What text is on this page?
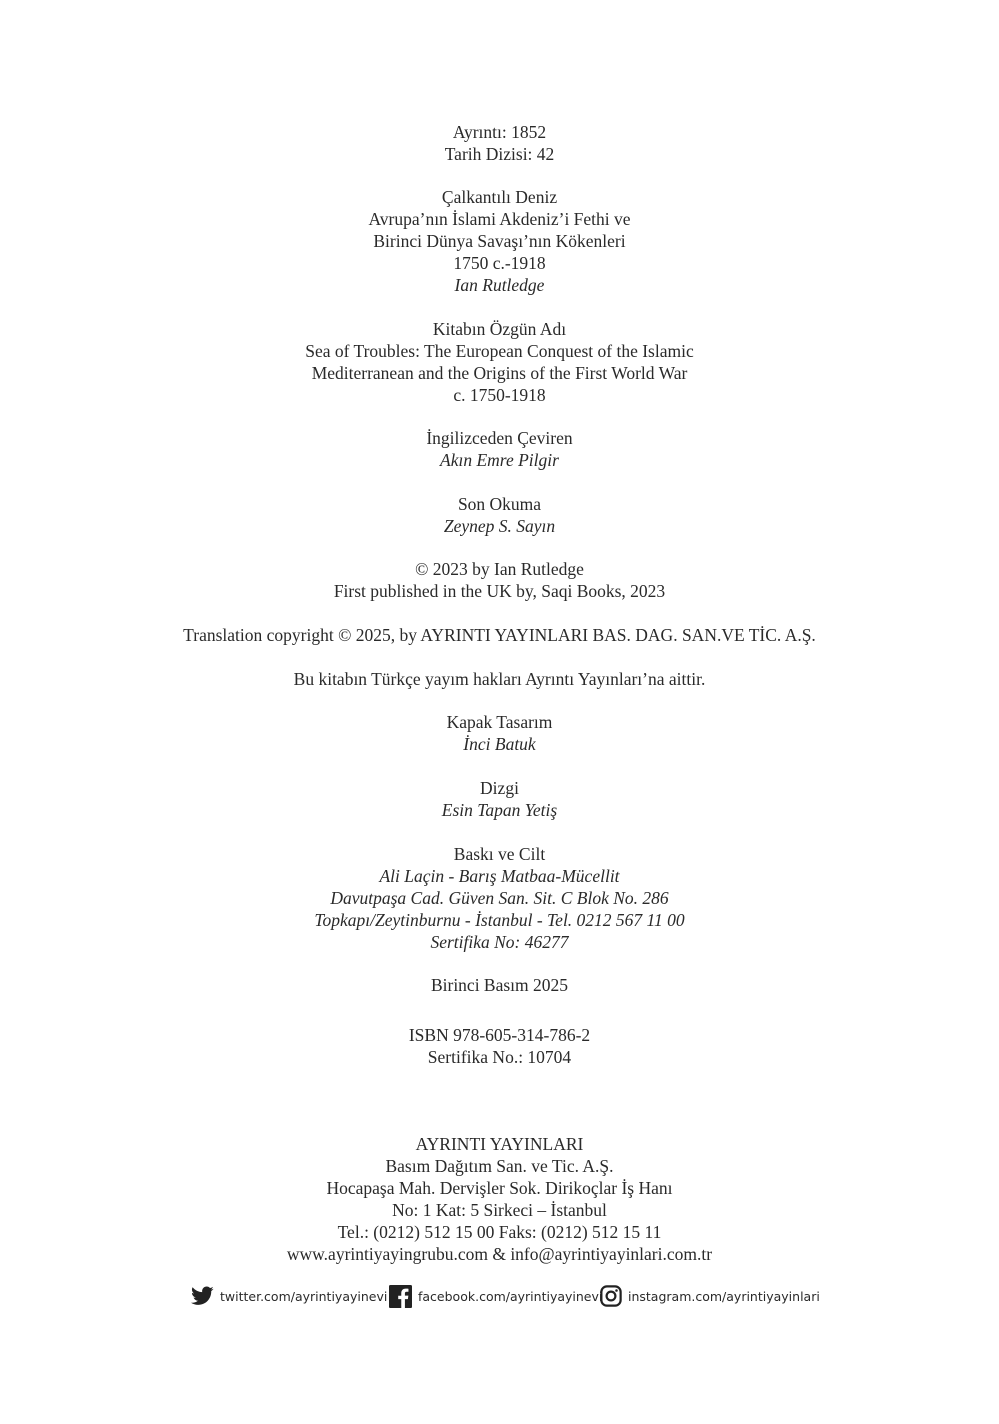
Ayrıntı: 1852
Tarih Dizisi: 42
Çalkantılı Deniz
Avrupa’nın İslami Akdeniz’i Fethi ve
Birinci Dünya Savaşı’nın Kökenleri
1750 c.-1918
Ian Rutledge
Kitabın Özgün Adı
Sea of Troubles: The European Conquest of the Islamic
Mediterranean and the Origins of the First World War
c. 1750-1918
İngilizceden Çeviren
Akın Emre Pilgir
Son Okuma
Zeynep S. Sayın
© 2023 by Ian Rutledge
First published in the UK by, Saqi Books, 2023
Translation copyright © 2025, by AYRINTI YAYINLARI BAS. DAG. SAN.VE TİC. A.Ş.
Bu kitabın Türkçe yayım hakları Ayrıntı Yayınları’na aittir.
Kapak Tasarım
İnci Batuk
Dizgi
Esin Tapan Yetiş
Baskı ve Cilt
Ali Laçin - Barış Matbaa-Mücellit
Davutpaşa Cad. Güven San. Sit. C Blok No. 286
Topkapı/Zeytinburnu - İstanbul - Tel. 0212 567 11 00
Sertifika No: 46277
Birinci Basım 2025
ISBN 978-605-314-786-2
Sertifika No.: 10704
AYRINTI YAYINLARI
Basım Dağıtım San. ve Tic. A.Ş.
Hocapaşa Mah. Dervişler Sok. Dirikoçlar İş Hanı
No: 1 Kat: 5 Sirkeci – İstanbul
Tel.: (0212) 512 15 00 Faks: (0212) 512 15 11
www.ayrintiyayingrubu.com & info@ayrintiyayinlari.com.tr
twitter.com/ayrintiyayinevi facebook.com/ayrintiyayinevi instagram.com/ayrintiyayinlari
